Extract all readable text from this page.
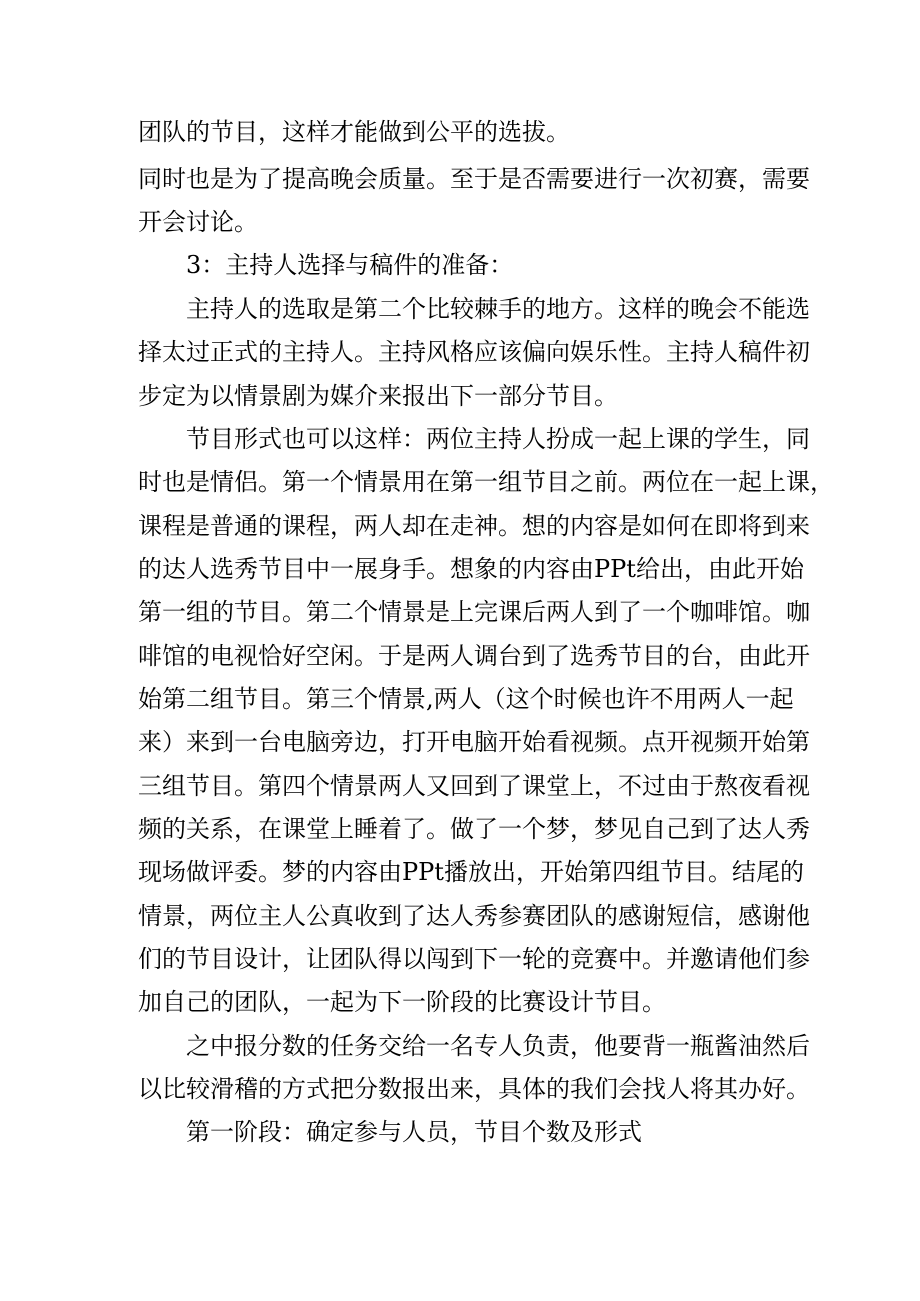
团队的节目，这样才能做到公平的选拔。
同时也是为了提高晚会质量。至于是否需要进行一次初赛，需要
开会讨论。
3：主持人选择与稿件的准备：
主持人的选取是第二个比较棘手的地方。这样的晚会不能选
择太过正式的主持人。主持风格应该偏向娱乐性。主持人稿件初
步定为以情景剧为媒介来报出下一部分节目。
节目形式也可以这样：两位主持人扮成一起上课的学生，同
时也是情侣。第一个情景用在第一组节目之前。两位在一起上课，
课程是普通的课程，两人却在走神。想的内容是如何在即将到来
的达人选秀节目中一展身手。想象的内容由PPt给出，由此开始
第一组的节目。第二个情景是上完课后两人到了一个咖啡馆。咖
啡馆的电视恰好空闲。于是两人调台到了选秀节目的台，由此开
始第二组节目。第三个情景,两人（这个时候也许不用两人一起
来）来到一台电脑旁边，打开电脑开始看视频。点开视频开始第
三组节目。第四个情景两人又回到了课堂上，不过由于熬夜看视
频的关系，在课堂上睡着了。做了一个梦，梦见自己到了达人秀
现场做评委。梦的内容由PPt播放出，开始第四组节目。结尾的
情景，两位主人公真收到了达人秀参赛团队的感谢短信，感谢他
们的节目设计，让团队得以闯到下一轮的竞赛中。并邀请他们参
加自己的团队，一起为下一阶段的比赛设计节目。
之中报分数的任务交给一名专人负责，他要背一瓶酱油然后
以比较滑稽的方式把分数报出来，具体的我们会找人将其办好。
第一阶段：确定参与人员，节目个数及形式
